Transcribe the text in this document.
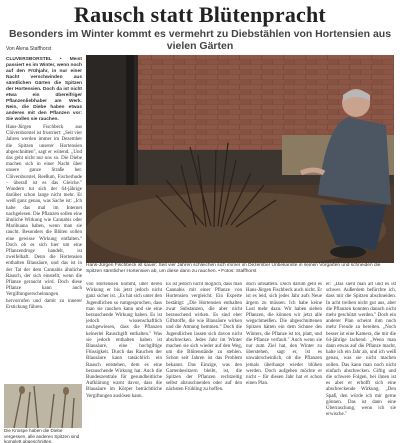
Rausch statt Blütenpracht
Besonders im Winter kommt es vermehrt zu Diebstählen von Hortensien aus vielen Gärten
Von Alena Staffhorst
CLÜVERSBORSTEL • Meist passiert es im Winter, wenn noch auf den Frühjahr, in nur einer Nacht verschwinden aus sämtlichen Gärten die Spitzen der Hortensien. Doch da ist nicht etwa ein übereifriger Pflanzenliebhaber am Werk. Nein, die Diebe haben etwas anderes mit den Pflanzen vor: Sie wollen sie rauchen.

Hans-Jürgen Fischbeck aus Clüversborstel ist frustriert: „Seit vier Jahren werden immer im Dezember die Spitzen unserer Hortensien abgeschnitten", sagt er wütend. „Und das geht nicht nur uns so. Die Diebe machen sich in einer Nacht über unsere ganze Straße her. Clüversborstel, Reeßum, Fischerhude – überall ist es das Gleiche." Wundern tut sich der 64-jährige darüber schon lange nicht mehr. Er weiß ganz genau, was Sache ist: „Ich habe das mal im Internet nachgelesen. Die Pflanzen sollen eine ähnliche Wirkung wie Cannabis oder Marihuana haben, wenn man sie raucht. Besonders die Blüten sollen eine gewisse Wirkung entfalten." Doch ob es sich hier um eine Pflanzendroge handelt, ist zweifelhaft. Denn die Hortensien enthalten Blausäure, und das ist in der Tat der dem Cannabis ähnliche Rausch, der sich einstellt, wenn die Pflanze geraucht wird. Doch diese Pflanze kann auch Vergiftungserscheinungen hervorrufen und damit zu innerer Erstickung führen.

Hans-Jürgen Fischbeck ist sauer: Seit vier Jahren schleichen sich immer im Dezember Unbekannte in seinen Vorgarten und schneiden die Spitzen sämtlicher Hortensien ab, um diese dann zu rauchen. • Fotos: Staffhorst

von Hortensien kommt, über deren Wirkung er bis jetzt jedoch nicht ganz sicher ist. „Es hat sich unter den Jugendlichen so rumgesprochen, dass man sie rauchen kann und sie eine berauschende Wirkung haben. Es ist jedoch wissenschaftlich nachgewiesen, dass die Pflanzen keinerlei Rauschgift enthalten." Was sie jedoch enthalten haben ist Blausäure, eine hochgiftige Flüssigkeit. Durch das Rauchen der Blausäure kann tatsächlich ein Rausch entstehen, dem es eine berauschende Wirkung hat. Auch die Bundeszentrale für gesundheitliche Aufklärung warnt davor, dass die Blausäure im Körper beträchtliche Vergiftungen auslösen kann.

Es ist jedoch nicht möglich, dass man Cannabis mit einer Pflanze von Hortensien vergleicht. Ein Experte bestätigt: „Die Hortensien enthalten zwar Substanzen, die aber nicht berauschend wirken. Es sind eher Giftstoffe, die wie Blausäure wirken und die Atmung hemmen." Doch die Jugendlichen lassen sich davon nicht abschrecken. Jedes Jahr im Winter machen sie sich wieder auf den Weg, um die Blütenstände zu stehlen. Schon seit Jahren ist das Problem bekannt. Das Einzige, was den Gartenbesitzern bleibt, ist, die Spitzen der Pflanzen rechtzeitig selbst abzuschneiden oder auf den nächsten Frühling zu hoffen.

doch umsatteln. Doch darum geht es Hans-Jürgen Fischbeck auch nicht. Er ist es leid, sich jedes Jahr aufs Neue ärgern zu müssen. Ich habe keine Lust mehr dazu. Wir haben sieben Pflanzen, die können wir jetzt alle wegschmeißen. Die abgeschnittenen Spitzen hätten ein dem Schnee des Winters, die Pflanze ist tot, platt, und die Pflanze verfault." Auch wenn sie nur zum Ziel hat, den Winter zu überstehen, sagt er, ist es unwahrscheinlich, ob die Pflanzen jemals überhaupt wieder blühen werden. Doch aufgeben möchte er nicht – für diesen Jahr hat er schon einen Plan.

er: „Das sieht man alt und es ist schwer. Außerdem befürchte ich, dass mir die Spitzen abschneiden. In acht treiben nicht gut aus, aber die Pflanzen konnten danach nicht mehr geschützt werden." Doch ein anderer Plan scheint ihm noch mehr Freude zu bereiten. „Noch besser ist eine Kamera, die mir die 64-jährige lachend. „Wenn man dann etwas auf die Pflanze macht, halte ich ein Jahr ab, und ich weiß genau, was sie nicht machen sollen. Das kann man noch nicht einfach abschrecken. Giftig und die schwere Folgen, bei ihnen ist es aber er erhofft sich eine abschreckende Wirkung. „Den Spaß, den würde ich mir gerne gönnen. Das ist dann eine Überraschung, wenn ich sie erwische."

Die Knospe haben die Diebe vergessen, alle anderen Spitzen sind komplett abgeschnitten.
